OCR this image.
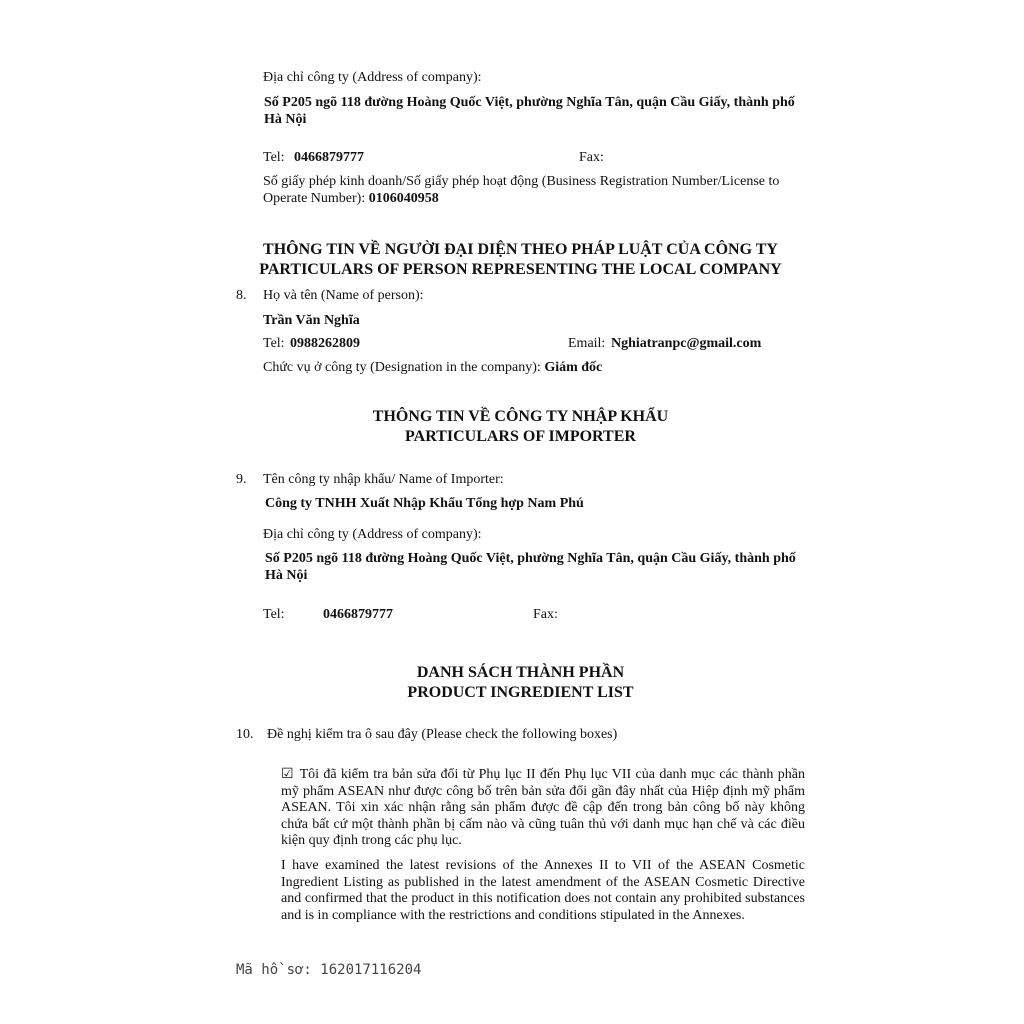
Địa chỉ công ty (Address of company):
Số P205 ngõ 118 đường Hoàng Quốc Việt, phường Nghĩa Tân, quận Cầu Giấy, thành phố Hà Nội
Tel: 0466879777	Fax:
Số giấy phép kinh doanh/Số giấy phép hoạt động (Business Registration Number/License to Operate Number): 0106040958
THÔNG TIN VỀ NGƯỜI ĐẠI DIỆN THEO PHÁP LUẬT CỦA CÔNG TY
PARTICULARS OF PERSON REPRESENTING THE LOCAL COMPANY
8. Họ và tên (Name of person):
Trần Văn Nghĩa
Tel: 0988262809	Email: Nghiatranpc@gmail.com
Chức vụ ở công ty (Designation in the company): Giám đốc
THÔNG TIN VỀ CÔNG TY NHẬP KHẨU
PARTICULARS OF IMPORTER
9. Tên công ty nhập khẩu/ Name of Importer:
Công ty TNHH Xuất Nhập Khẩu Tổng hợp Nam Phú
Địa chỉ công ty (Address of company):
Số P205 ngõ 118 đường Hoàng Quốc Việt, phường Nghĩa Tân, quận Cầu Giấy, thành phố Hà Nội
Tel:	0466879777	Fax:
DANH SÁCH THÀNH PHẦN
PRODUCT INGREDIENT LIST
10. Đề nghị kiểm tra ô sau đây (Please check the following boxes)
☑ Tôi đã kiểm tra bản sửa đổi từ Phụ lục II đến Phụ lục VII của danh mục các thành phần mỹ phẩm ASEAN như được công bố trên bản sửa đổi gần đây nhất của Hiệp định mỹ phẩm ASEAN. Tôi xin xác nhận rằng sản phẩm được đề cập đến trong bản công bố này không chứa bất cứ một thành phần bị cấm nào và cũng tuân thủ với danh mục hạn chế và các điều kiện quy định trong các phụ lục.
I have examined the latest revisions of the Annexes II to VII of the ASEAN Cosmetic Ingredient Listing as published in the latest amendment of the ASEAN Cosmetic Directive and confirmed that the product in this notification does not contain any prohibited substances and is in compliance with the restrictions and conditions stipulated in the Annexes.
Mã hồ sơ: 162017116204
